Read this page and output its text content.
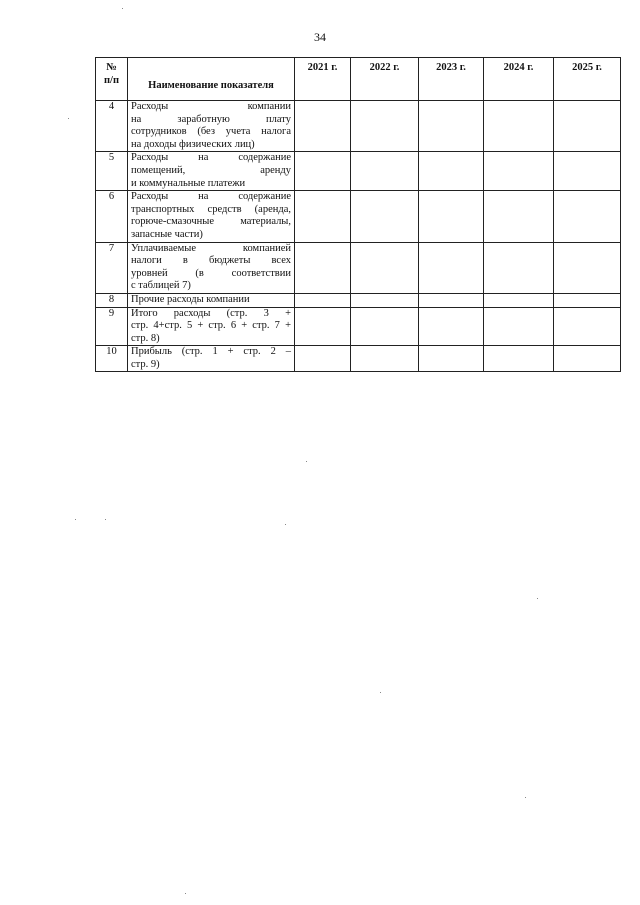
34
№
п/п	Наименование показателя	2021 г.	2022 г.	2023 г.	2024 г.	2025 г.
4	Расходы компании
на заработную плату
сотрудников (без учета налога
на доходы физических лиц)					

5	Расходы на содержание
помещений, аренду
и коммунальные платежи					

6	Расходы на содержание
транспортных средств (аренда,
горюче-смазочные материалы,
запасные части)					

7	Уплачиваемые компанией
налоги в бюджеты всех
уровней (в соответствии
с таблицей 7)					

8	Прочие расходы компании					

9	Итого расходы (стр. 3 +
стр. 4+стр. 5 + стр. 6 + стр. 7 +
стр. 8)					

10	Прибыль (стр. 1 + стр. 2 –
стр. 9)					
